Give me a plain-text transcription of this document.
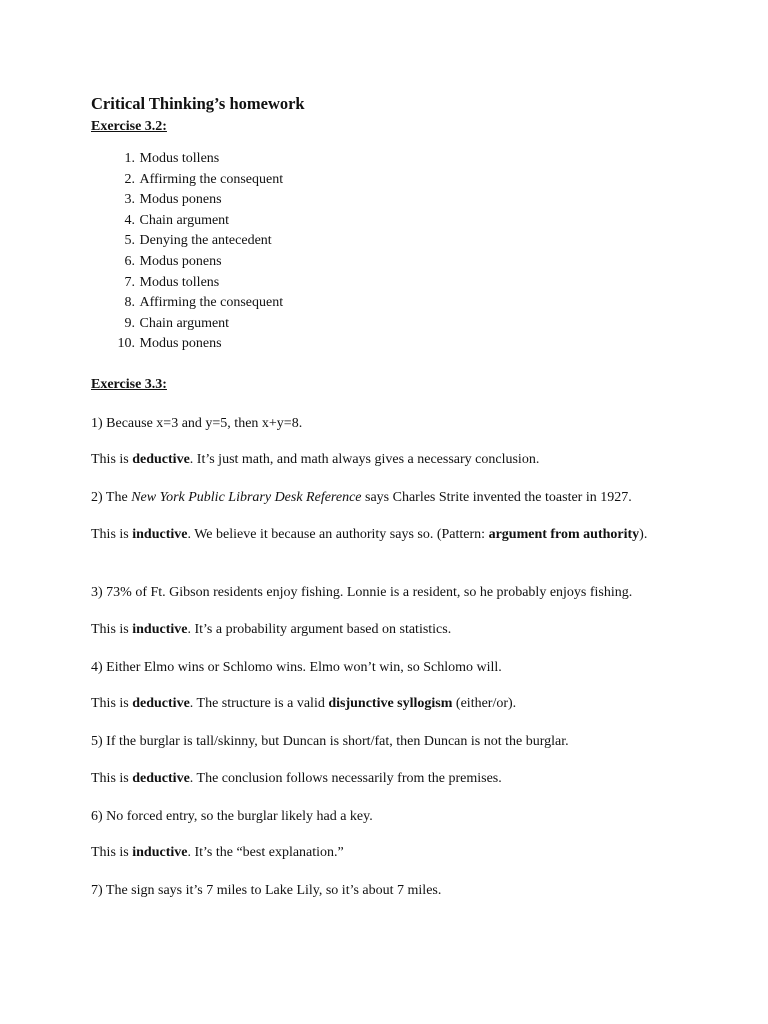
Critical Thinking’s homework
Exercise 3.2:
1. Modus tollens
2. Affirming the consequent
3. Modus ponens
4. Chain argument
5. Denying the antecedent
6. Modus ponens
7. Modus tollens
8. Affirming the consequent
9. Chain argument
10. Modus ponens
Exercise 3.3:

1) Because x=3 and y=5, then x+y=8.

This is deductive. It’s just math, and math always gives a necessary conclusion.

2) The New York Public Library Desk Reference says Charles Strite invented the toaster in 1927.

This is inductive. We believe it because an authority says so. (Pattern: argument from authority).

3) 73% of Ft. Gibson residents enjoy fishing. Lonnie is a resident, so he probably enjoys fishing.

This is inductive. It’s a probability argument based on statistics.

4) Either Elmo wins or Schlomo wins. Elmo won’t win, so Schlomo will.

This is deductive. The structure is a valid disjunctive syllogism (either/or).

5) If the burglar is tall/skinny, but Duncan is short/fat, then Duncan is not the burglar.

This is deductive. The conclusion follows necessarily from the premises.

6) No forced entry, so the burglar likely had a key.

This is inductive. It’s the “best explanation.”

7) The sign says it’s 7 miles to Lake Lily, so it’s about 7 miles.
